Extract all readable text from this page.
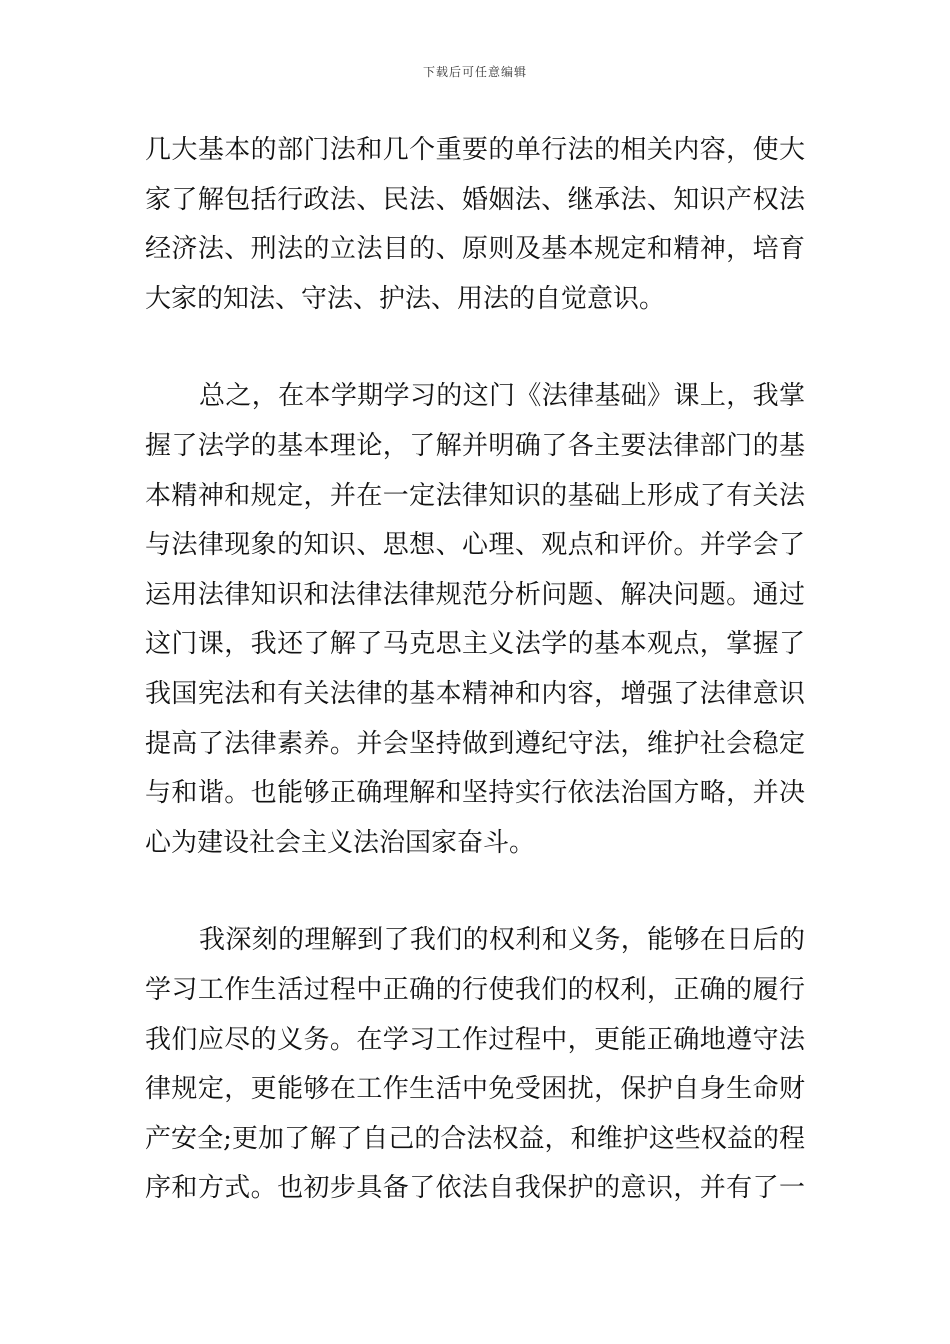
下载后可任意编辑
几大基本的部门法和几个重要的单行法的相关内容，使大
家了解包括行政法、民法、婚姻法、继承法、知识产权法
经济法、刑法的立法目的、原则及基本规定和精神，培育
大家的知法、守法、护法、用法的自觉意识。
总之，在本学期学习的这门《法律基础》课上，我掌
握了法学的基本理论，了解并明确了各主要法律部门的基
本精神和规定，并在一定法律知识的基础上形成了有关法
与法律现象的知识、思想、心理、观点和评价。并学会了
运用法律知识和法律法律规范分析问题、解决问题。通过
这门课，我还了解了马克思主义法学的基本观点，掌握了
我国宪法和有关法律的基本精神和内容，增强了法律意识
提高了法律素养。并会坚持做到遵纪守法，维护社会稳定
与和谐。也能够正确理解和坚持实行依法治国方略，并决
心为建设社会主义法治国家奋斗。
我深刻的理解到了我们的权利和义务，能够在日后的
学习工作生活过程中正确的行使我们的权利，正确的履行
我们应尽的义务。在学习工作过程中，更能正确地遵守法
律规定，更能够在工作生活中免受困扰，保护自身生命财
产安全;更加了解了自己的合法权益，和维护这些权益的程
序和方式。也初步具备了依法自我保护的意识，并有了一
